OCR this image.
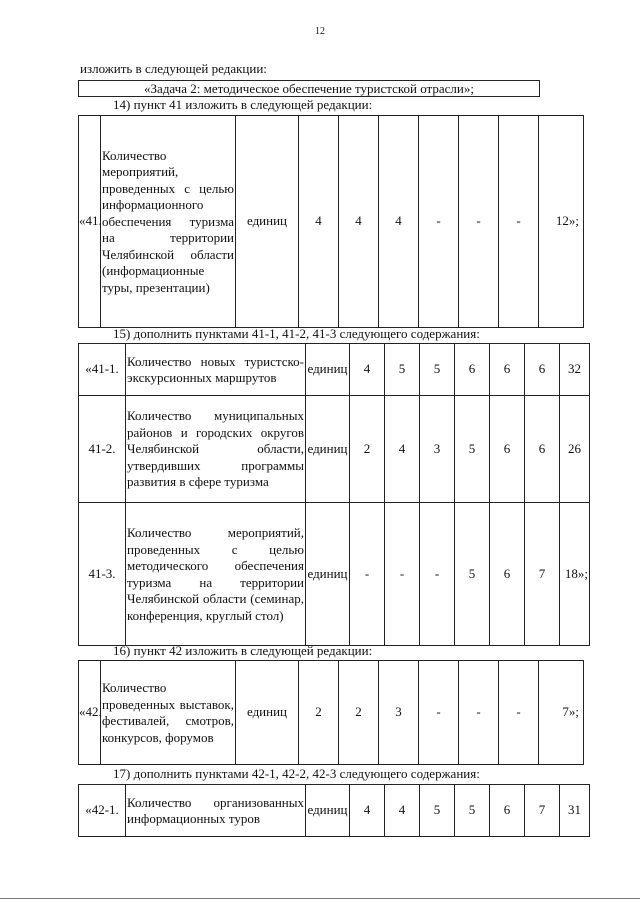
12
изложить в следующей редакции:
«Задача 2: методическое обеспечение туристской отрасли»;
14) пункт 41 изложить в следующей редакции:
«41.	Количество мероприятий, проведенных с целью информационного обеспечения туризма на территории Челябинской области (информационные туры, презентации)	единиц	4	4	4	-	-	-	12»;
15) дополнить пунктами 41-1, 41-2, 41-3 следующего содержания:
«41-1.	Количество новых туристско-экскурсионных маршрутов	единиц	4	5	5	6	6	6	32
41-2.	Количество муниципальных районов и городских округов Челябинской области, утвердивших программы развития в сфере туризма	единиц	2	4	3	5	6	6	26
41-3.	Количество мероприятий, проведенных с целью методического обеспечения туризма на территории Челябинской области (семинар, конференция, круглый стол)	единиц	-	-	-	5	6	7	18»;
16) пункт 42 изложить в следующей редакции:
«42.	Количество проведенных выставок, фестивалей, смотров, конкурсов, форумов	единиц	2	2	3	-	-	-	7»;
17) дополнить пунктами 42-1, 42-2, 42-3 следующего содержания:
«42-1.	Количество организованных информационных туров	единиц	4	4	5	5	6	7	31
